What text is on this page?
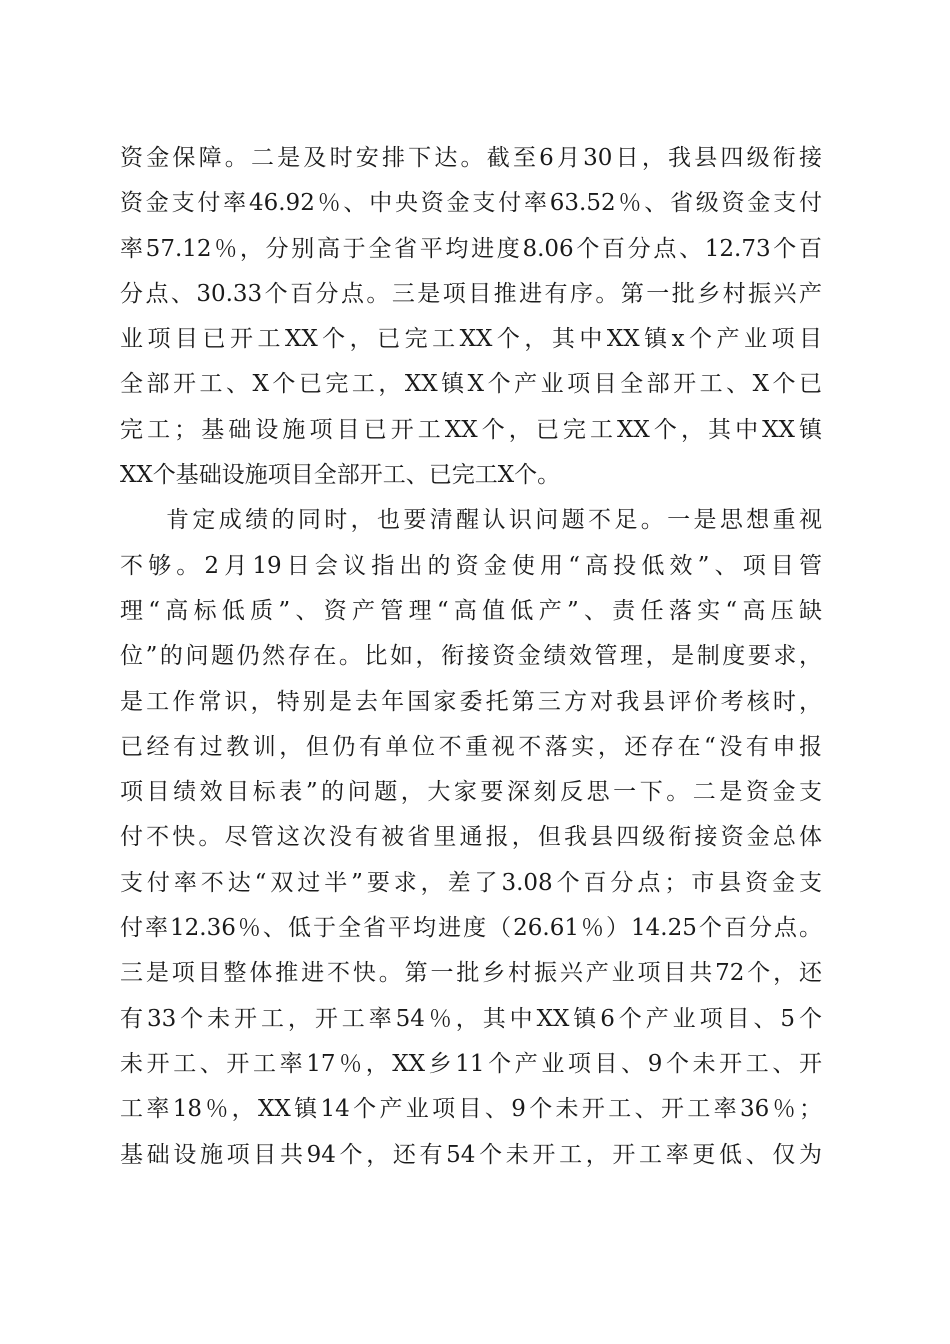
资金保障。二是及时安排下达。截至6月30日，我县四级衔接
资金支付率46.92％、中央资金支付率63.52％、省级资金支付
率57.12％，分别高于全省平均进度8.06个百分点、12.73个百
分点、30.33个百分点。三是项目推进有序。第一批乡村振兴产
业项目已开工XX个，已完工XX个，其中XX镇x个产业项目
全部开工、X个已完工，XX镇X个产业项目全部开工、X个已
完工；基础设施项目已开工XX个，已完工XX个，其中XX镇
XX个基础设施项目全部开工、已完工X个。
肯定成绩的同时，也要清醒认识问题不足。一是思想重视
不够。2月19日会议指出的资金使用“高投低效”、项目管
理“高标低质”、资产管理“高值低产”、责任落实“高压缺
位”的问题仍然存在。比如，衔接资金绩效管理，是制度要求，
是工作常识，特别是去年国家委托第三方对我县评价考核时，
已经有过教训，但仍有单位不重视不落实，还存在“没有申报
项目绩效目标表”的问题，大家要深刻反思一下。二是资金支
付不快。尽管这次没有被省里通报，但我县四级衔接资金总体
支付率不达“双过半”要求，差了3.08个百分点；市县资金支
付率12.36％、低于全省平均进度（26.61％）14.25个百分点。
三是项目整体推进不快。第一批乡村振兴产业项目共72个，还
有33个未开工，开工率54％，其中XX镇6个产业项目、5个
未开工、开工率17％，XX乡11个产业项目、9个未开工、开
工率18％，XX镇14个产业项目、9个未开工、开工率36％；
基础设施项目共94个，还有54个未开工，开工率更低、仅为
